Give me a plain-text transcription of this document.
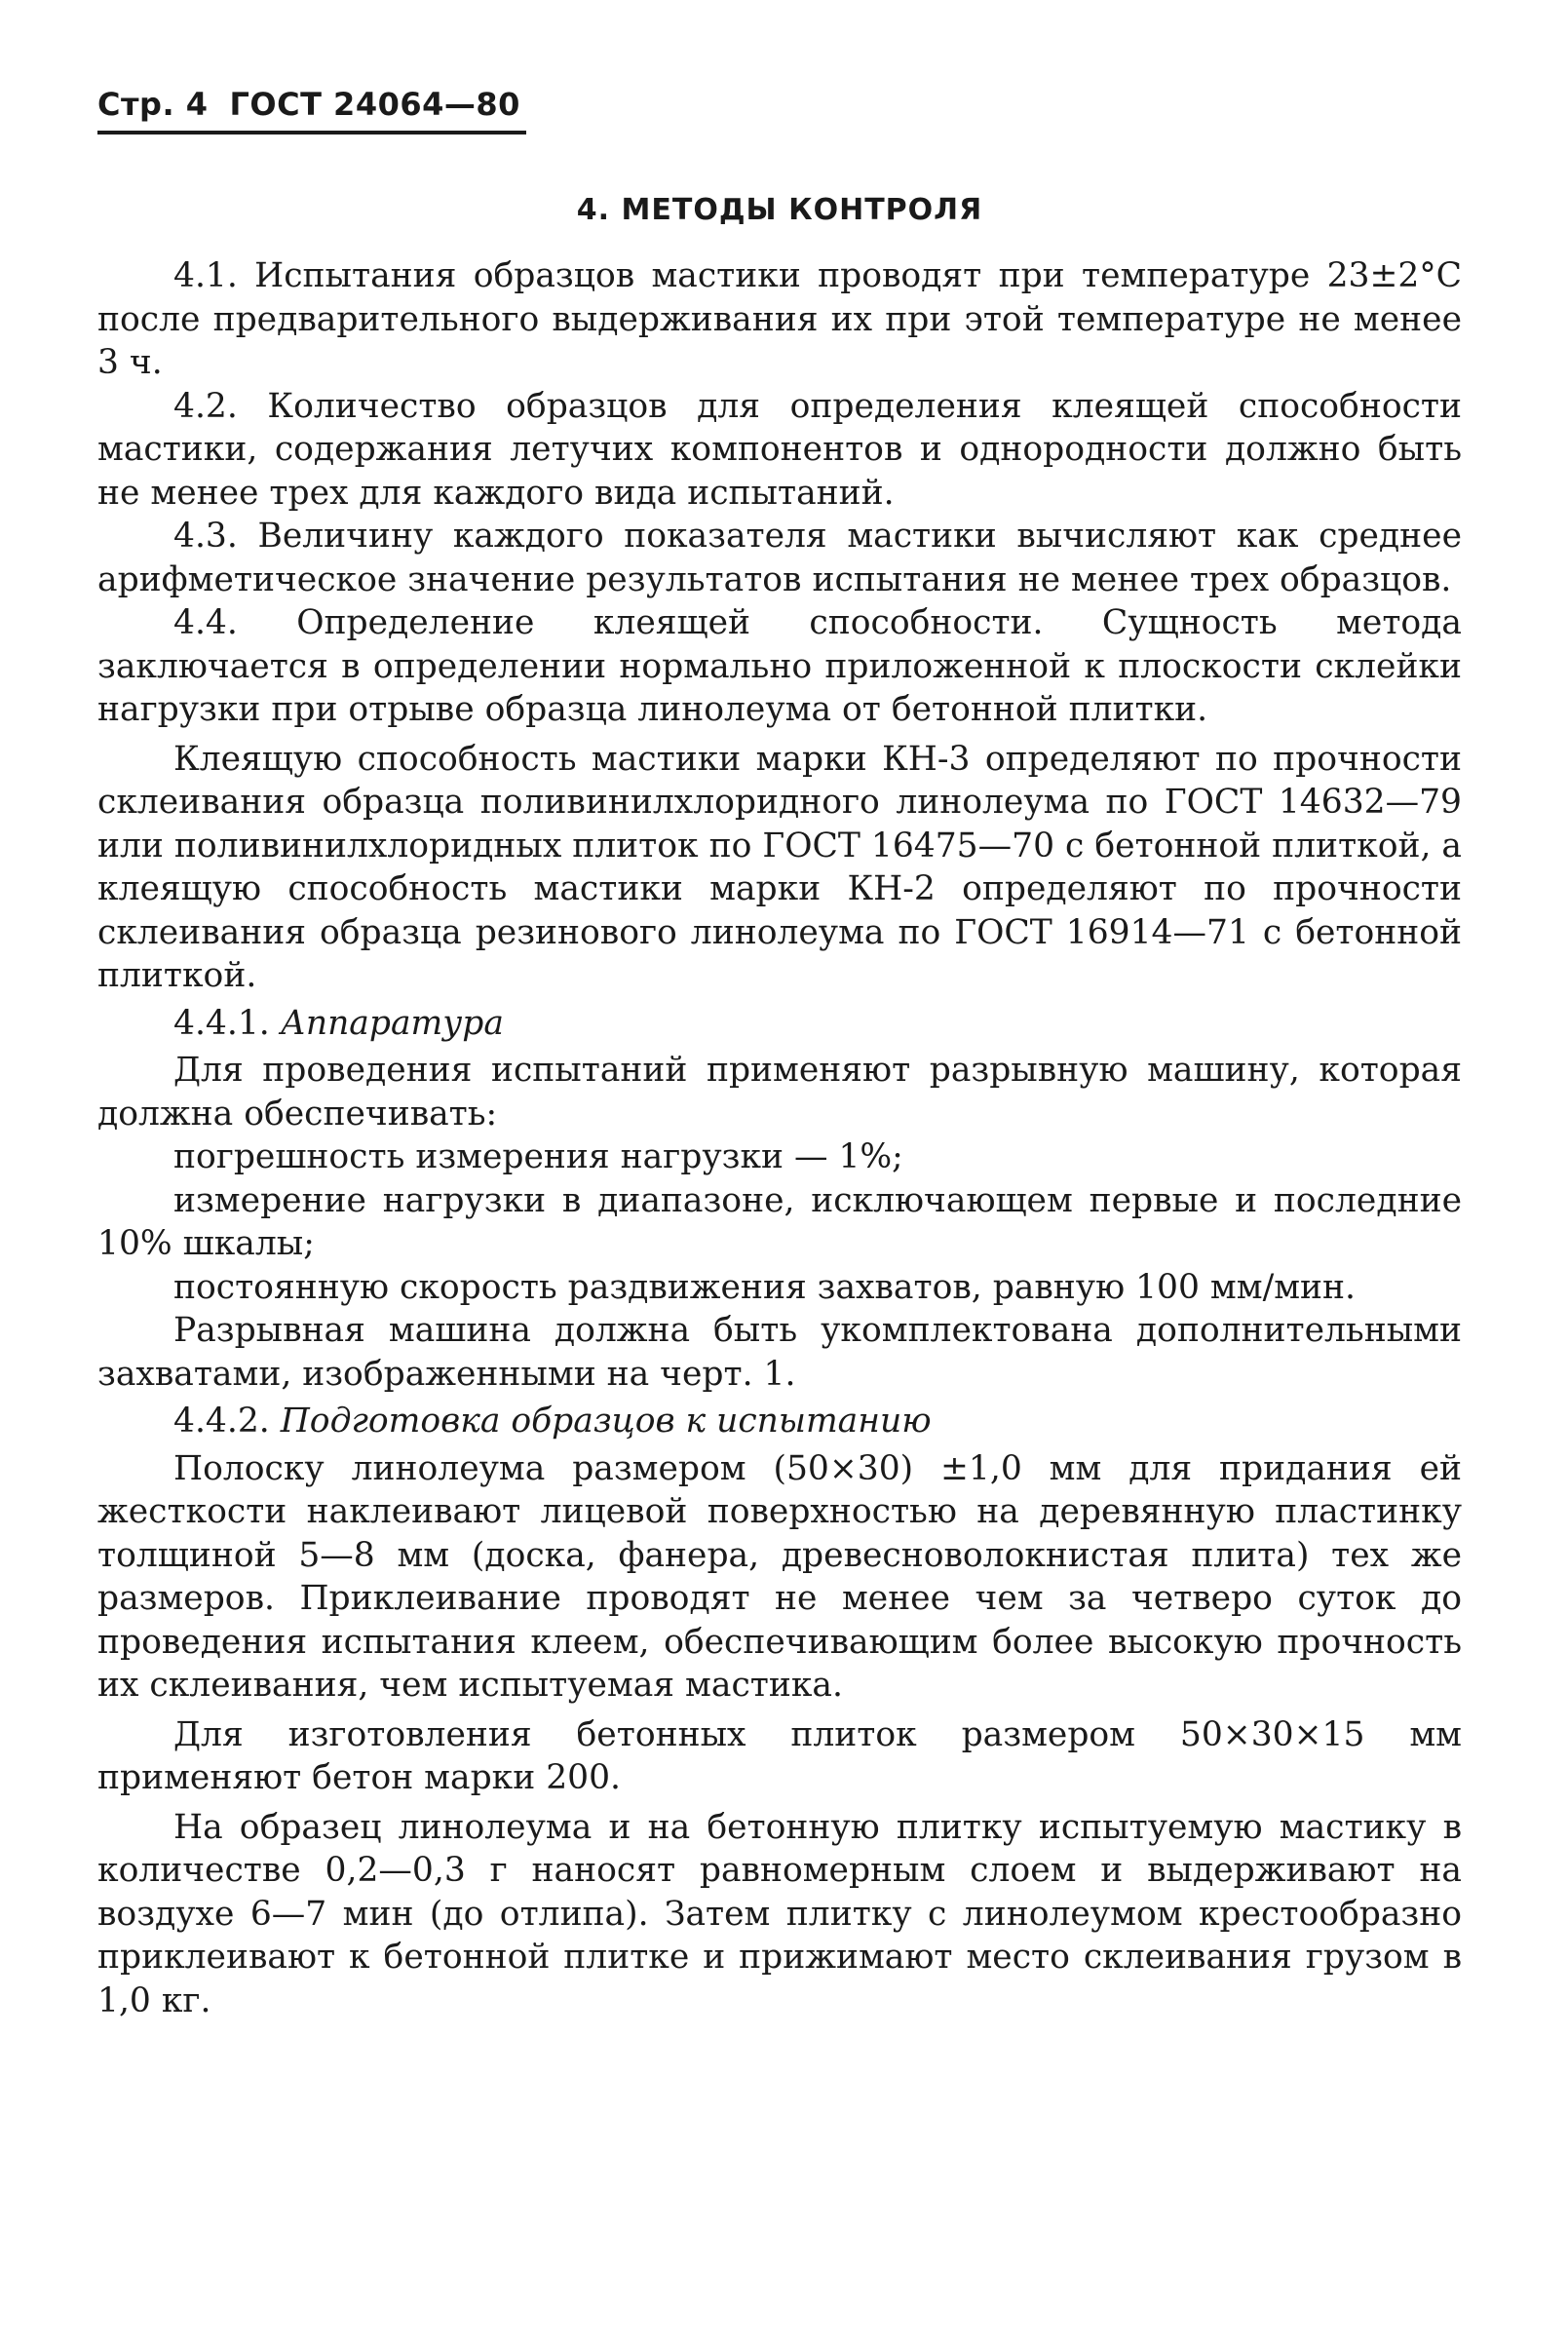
Стр. 4 ГОСТ 24064—80
4. МЕТОДЫ КОНТРОЛЯ

4.1. Испытания образцов мастики проводят при температуре 23±2°C после предварительного выдерживания их при этой температуре не менее 3 ч.

4.2. Количество образцов для определения клеящей способности мастики, содержания летучих компонентов и однородности должно быть не менее трех для каждого вида испытаний.

4.3. Величину каждого показателя мастики вычисляют как среднее арифметическое значение результатов испытания не менее трех образцов.

4.4. Определение клеящей способности. Сущность метода заключается в определении нормально приложенной к плоскости склейки нагрузки при отрыве образца линолеума от бетонной плитки.

Клеящую способность мастики марки КН-3 определяют по прочности склеивания образца поливинилхлоридного линолеума по ГОСТ 14632—79 или поливинилхлоридных плиток по ГОСТ 16475—70 с бетонной плиткой, а клеящую способность мастики марки КН-2 определяют по прочности склеивания образца резинового линолеума по ГОСТ 16914—71 с бетонной плиткой.

4.4.1. Аппаратура

Для проведения испытаний применяют разрывную машину, которая должна обеспечивать:

погрешность измерения нагрузки — 1%;

измерение нагрузки в диапазоне, исключающем первые и последние 10% шкалы;

постоянную скорость раздвижения захватов, равную 100 мм/мин.

Разрывная машина должна быть укомплектована дополнительными захватами, изображенными на черт. 1.

4.4.2. Подготовка образцов к испытанию

Полоску линолеума размером (50×30) ±1,0 мм для придания ей жесткости наклеивают лицевой поверхностью на деревянную пластинку толщиной 5—8 мм (доска, фанера, древесноволокнистая плита) тех же размеров. Приклеивание проводят не менее чем за четверо суток до проведения испытания клеем, обеспечивающим более высокую прочность их склеивания, чем испытуемая мастика.

Для изготовления бетонных плиток размером 50×30×15 мм применяют бетон марки 200.

На образец линолеума и на бетонную плитку испытуемую мастику в количестве 0,2—0,3 г наносят равномерным слоем и выдерживают на воздухе 6—7 мин (до отлипа). Затем плитку с линолеумом крестообразно приклеивают к бетонной плитке и прижимают место склеивания грузом в 1,0 кг.
